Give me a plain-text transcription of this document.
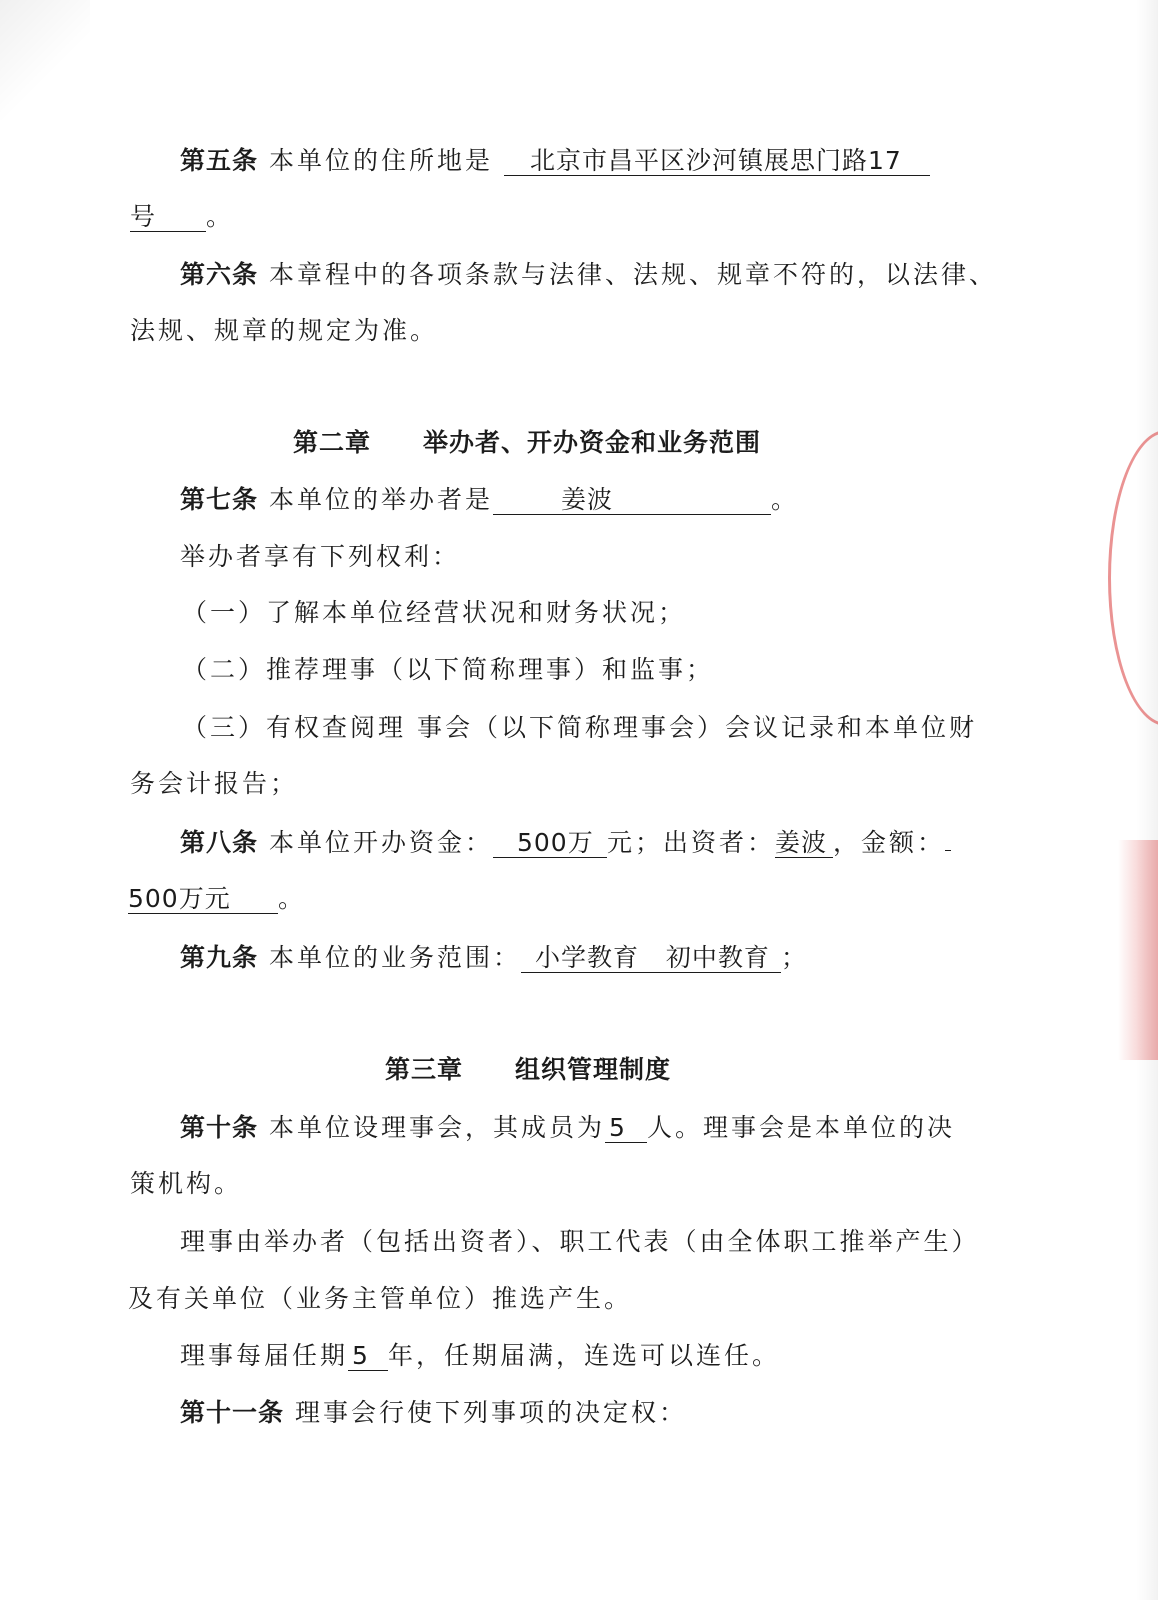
第五条 本单位的住所地是 北京市昌平区沙河镇展思门路17
号 。
第六条 本章程中的各项条款与法律、法规、规章不符的，以法律、
法规、规章的规定为准。
第二章 举办者、开办资金和业务范围
第七条 本单位的举办者是	姜波	。
举办者享有下列权利：
（一）了解本单位经营状况和财务状况；
（二）推荐理事（以下简称理事）和监事；
（三）有权查阅理 事会（以下简称理事会）会议记录和本单位财
务会计报告；
第八条 本单位开办资金： 500万 元；出资者：姜波 ，金额：
500万元 。
第九条 本单位的业务范围： 小学教育   初中教育 ；
第三章 组织管理制度
第十条 本单位设理事会，其成员为 5 人。理事会是本单位的决
策机构。
理事由举办者（包括出资者）、职工代表（由全体职工推举产生）
及有关单位（业务主管单位）推选产生。
理事每届任期 5 年，任期届满，连选可以连任。
第十一条 理事会行使下列事项的决定权：
